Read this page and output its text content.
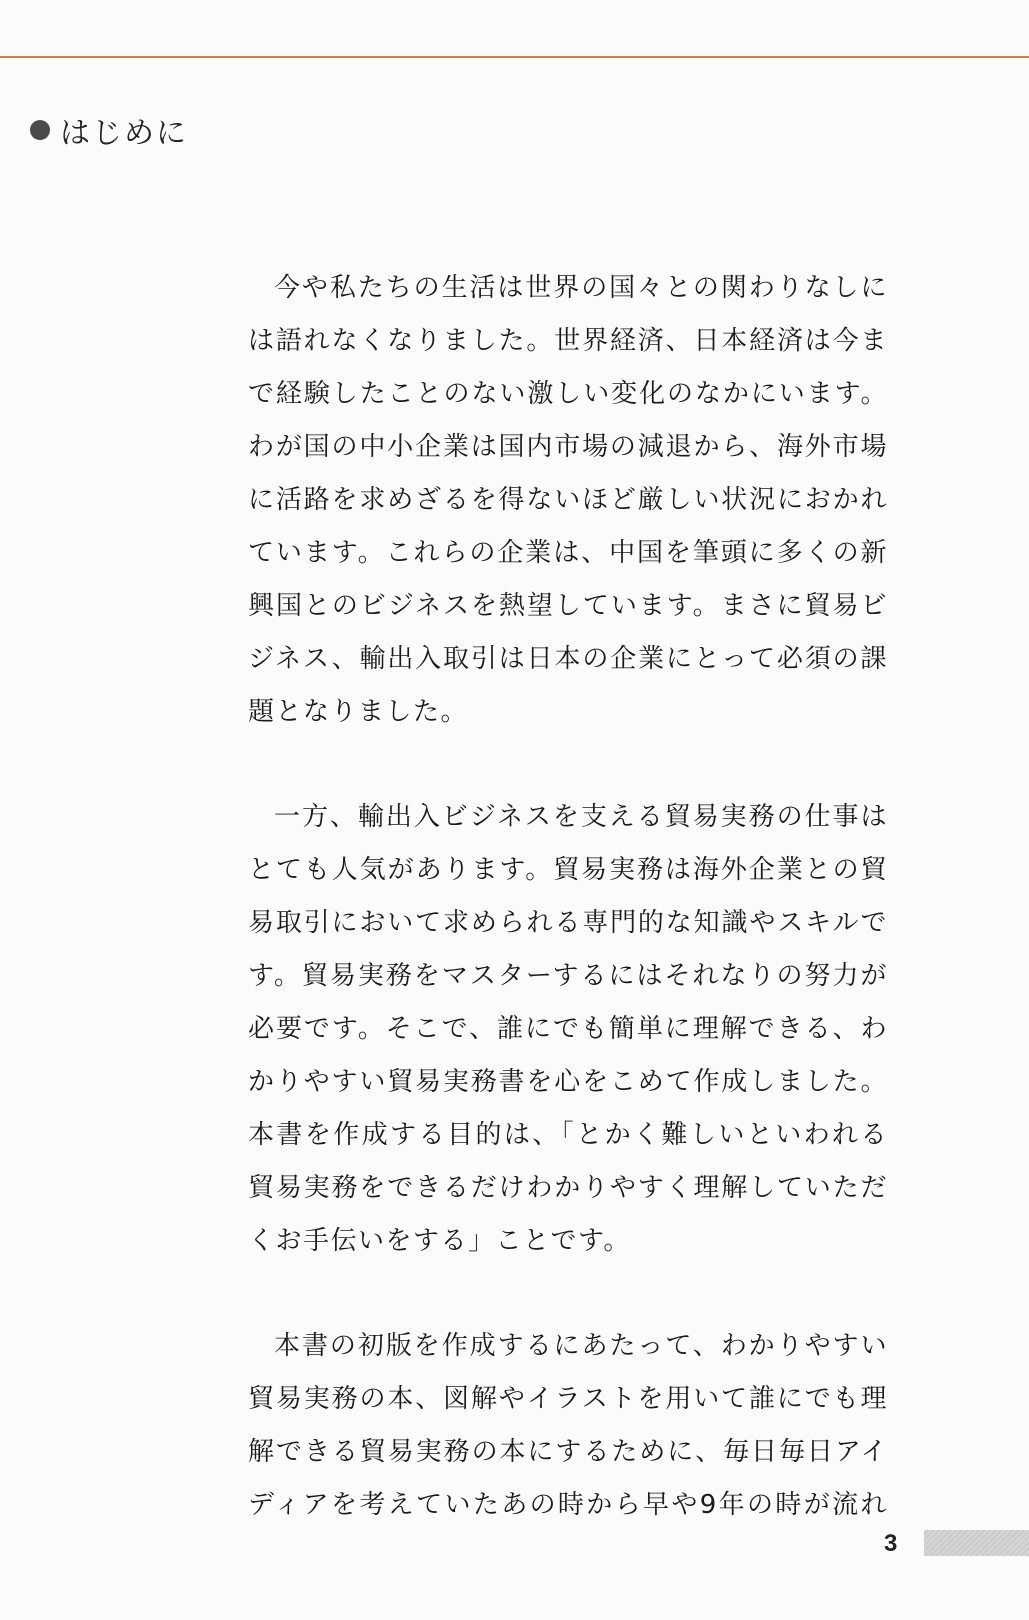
はじめに

今や私たちの生活は世界の国々との関わりなしに
は語れなくなりました。世界経済、日本経済は今ま
で経験したことのない激しい変化のなかにいます。
わが国の中小企業は国内市場の減退から、海外市場
に活路を求めざるを得ないほど厳しい状況におかれ
ています。これらの企業は、中国を筆頭に多くの新
興国とのビジネスを熱望しています。まさに貿易ビ
ジネス、輸出入取引は日本の企業にとって必須の課
題となりました。

一方、輸出入ビジネスを支える貿易実務の仕事は
とても人気があります。貿易実務は海外企業との貿
易取引において求められる専門的な知識やスキルで
す。貿易実務をマスターするにはそれなりの努力が
必要です。そこで、誰にでも簡単に理解できる、わ
かりやすい貿易実務書を心をこめて作成しました。
本書を作成する目的は、「とかく難しいといわれる
貿易実務をできるだけわかりやすく理解していただ
くお手伝いをする」ことです。

本書の初版を作成するにあたって、わかりやすい
貿易実務の本、図解やイラストを用いて誰にでも理
解できる貿易実務の本にするために、毎日毎日アイ
ディアを考えていたあの時から早や9年の時が流れ

3
